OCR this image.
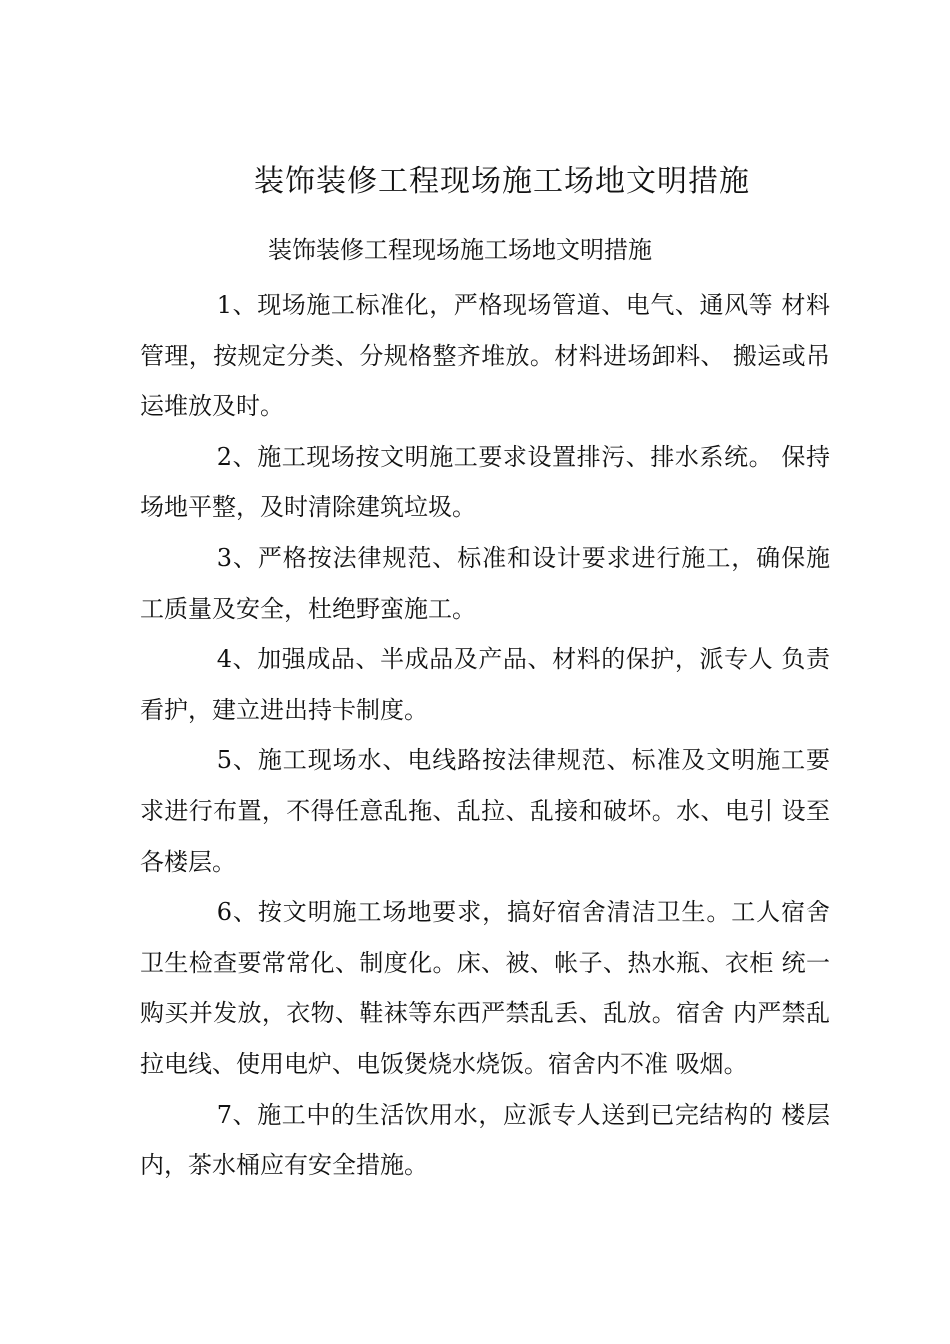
装饰装修工程现场施工场地文明措施
装饰装修工程现场施工场地文明措施

1、现场施工标准化，严格现场管道、电气、通风等 材料管理，按规定分类、分规格整齐堆放。材料进场卸料、 搬运或吊运堆放及时。

2、施工现场按文明施工要求设置排污、排水系统。 保持场地平整，及时清除建筑垃圾。

3、严格按法律规范、标准和设计要求进行施工，确保施工质量及安全，杜绝野蛮施工。

4、加强成品、半成品及产品、材料的保护，派专人 负责看护，建立进出持卡制度。

5、施工现场水、电线路按法律规范、标准及文明施工要求进行布置，不得任意乱拖、乱拉、乱接和破坏。水、电引 设至各楼层。

6、按文明施工场地要求，搞好宿舍清洁卫生。工人宿舍卫生检查要常常化、制度化。床、被、帐子、热水瓶、衣柜 统一购买并发放，衣物、鞋袜等东西严禁乱丢、乱放。宿舍 内严禁乱拉电线、使用电炉、电饭煲烧水烧饭。宿舍内不准 吸烟。

7、施工中的生活饮用水，应派专人送到已完结构的 楼层内，茶水桶应有安全措施。
